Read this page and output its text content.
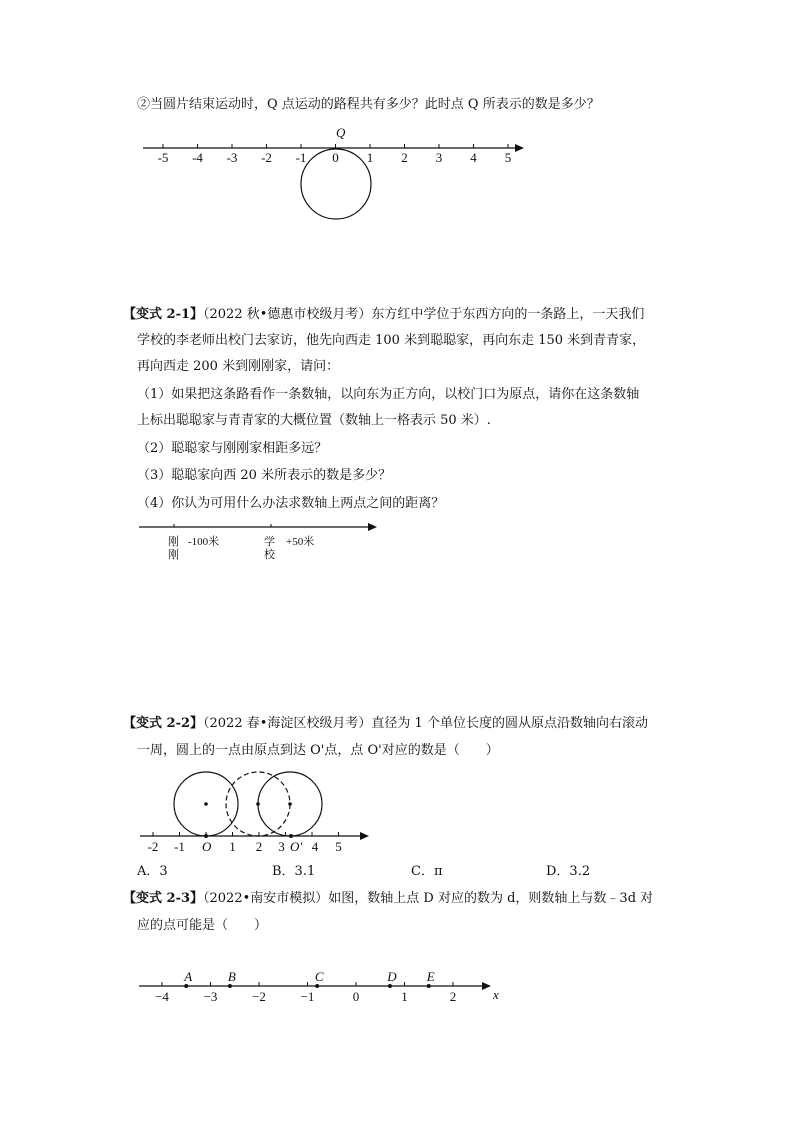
②当圆片结束运动时，Q 点运动的路程共有多少？此时点 Q 所表示的数是多少？
-5 -4 -3 -2 -1 0 1 2 3 4 5
Q
【变式 2-1】（2022 秋•德惠市校级月考）东方红中学位于东西方向的一条路上，一天我们
学校的李老师出校门去家访，他先向西走 100 米到聪聪家，再向东走 150 米到青青家，
再向西走 200 米到刚刚家，请问：
（1）如果把这条路看作一条数轴，以向东为正方向，以校门口为原点，请你在这条数轴
上标出聪聪家与青青家的大概位置（数轴上一格表示 50 米）.
（2）聪聪家与刚刚家相距多远？
（3）聪聪家向西 20 米所表示的数是多少？
（4）你认为可用什么办法求数轴上两点之间的距离？
刚
刚
-100米	学
校
+50米
【变式 2-2】（2022 春•海淀区校级月考）直径为 1 个单位长度的圆从原点沿数轴向右滚动
一周，圆上的一点由原点到达 O'点，点 O'对应的数是（　　）
-2 -1	1 2 3 4 5
O	O'
A．3	B．3.1	C．π	D．3.2
【变式 2-3】（2022•南安市模拟）如图，数轴上点 D 对应的数为 d，则数轴上与数﹣3d 对
应的点可能是（　　）
−4	−3	−2	−1	0	1	2
A	B	C	D E
x
